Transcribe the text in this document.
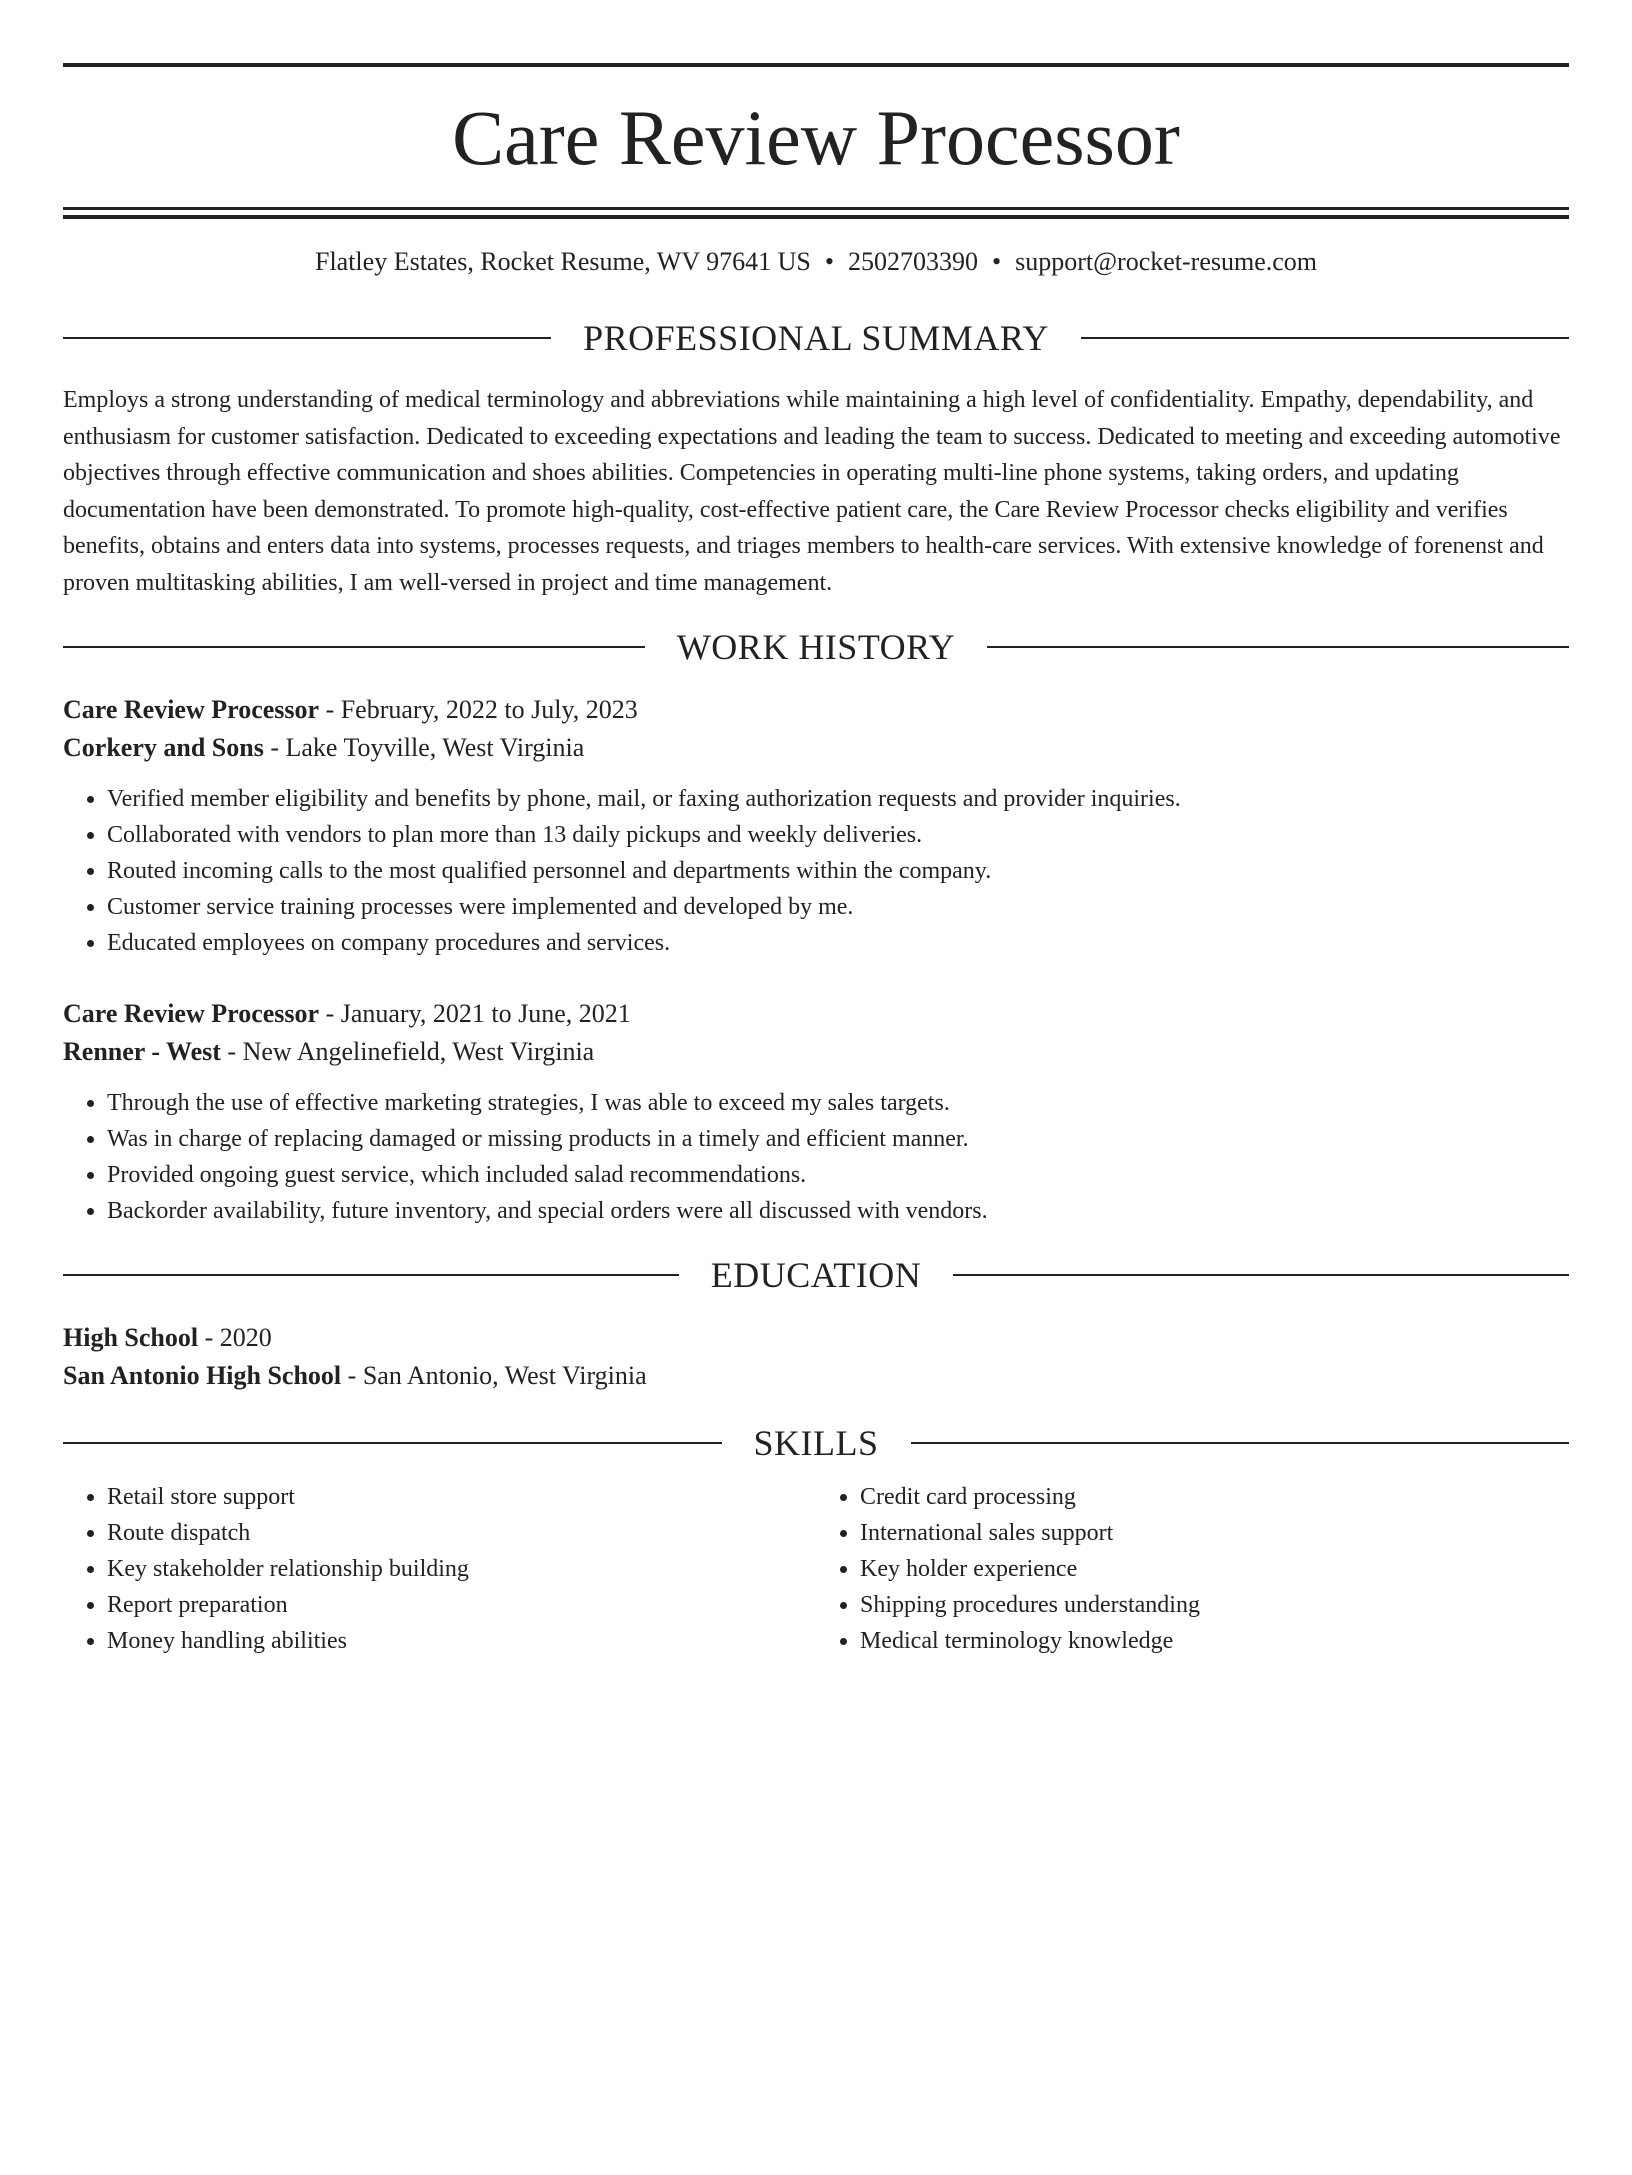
Care Review Processor
Flatley Estates, Rocket Resume, WV 97641 US • 2502703390 • support@rocket-resume.com
PROFESSIONAL SUMMARY

Employs a strong understanding of medical terminology and abbreviations while maintaining a high level of confidentiality. Empathy, dependability, and enthusiasm for customer satisfaction. Dedicated to exceeding expectations and leading the team to success. Dedicated to meeting and exceeding automotive objectives through effective communication and shoes abilities. Competencies in operating multi-line phone systems, taking orders, and updating documentation have been demonstrated. To promote high-quality, cost-effective patient care, the Care Review Processor checks eligibility and verifies benefits, obtains and enters data into systems, processes requests, and triages members to health-care services. With extensive knowledge of forenenst and proven multitasking abilities, I am well-versed in project and time management.

WORK HISTORY
Care Review Processor - February, 2022 to July, 2023
Corkery and Sons - Lake Toyville, West Virginia
• Verified member eligibility and benefits by phone, mail, or faxing authorization requests and provider inquiries.
• Collaborated with vendors to plan more than 13 daily pickups and weekly deliveries.
• Routed incoming calls to the most qualified personnel and departments within the company.
• Customer service training processes were implemented and developed by me.
• Educated employees on company procedures and services.
Care Review Processor - January, 2021 to June, 2021
Renner - West - New Angelinefield, West Virginia
• Through the use of effective marketing strategies, I was able to exceed my sales targets.
• Was in charge of replacing damaged or missing products in a timely and efficient manner.
• Provided ongoing guest service, which included salad recommendations.
• Backorder availability, future inventory, and special orders were all discussed with vendors.
EDUCATION
High School - 2020
San Antonio High School - San Antonio, West Virginia
SKILLS
• Retail store support
• Route dispatch
• Key stakeholder relationship building
• Report preparation
• Money handling abilities
• Credit card processing
• International sales support
• Key holder experience
• Shipping procedures understanding
• Medical terminology knowledge
